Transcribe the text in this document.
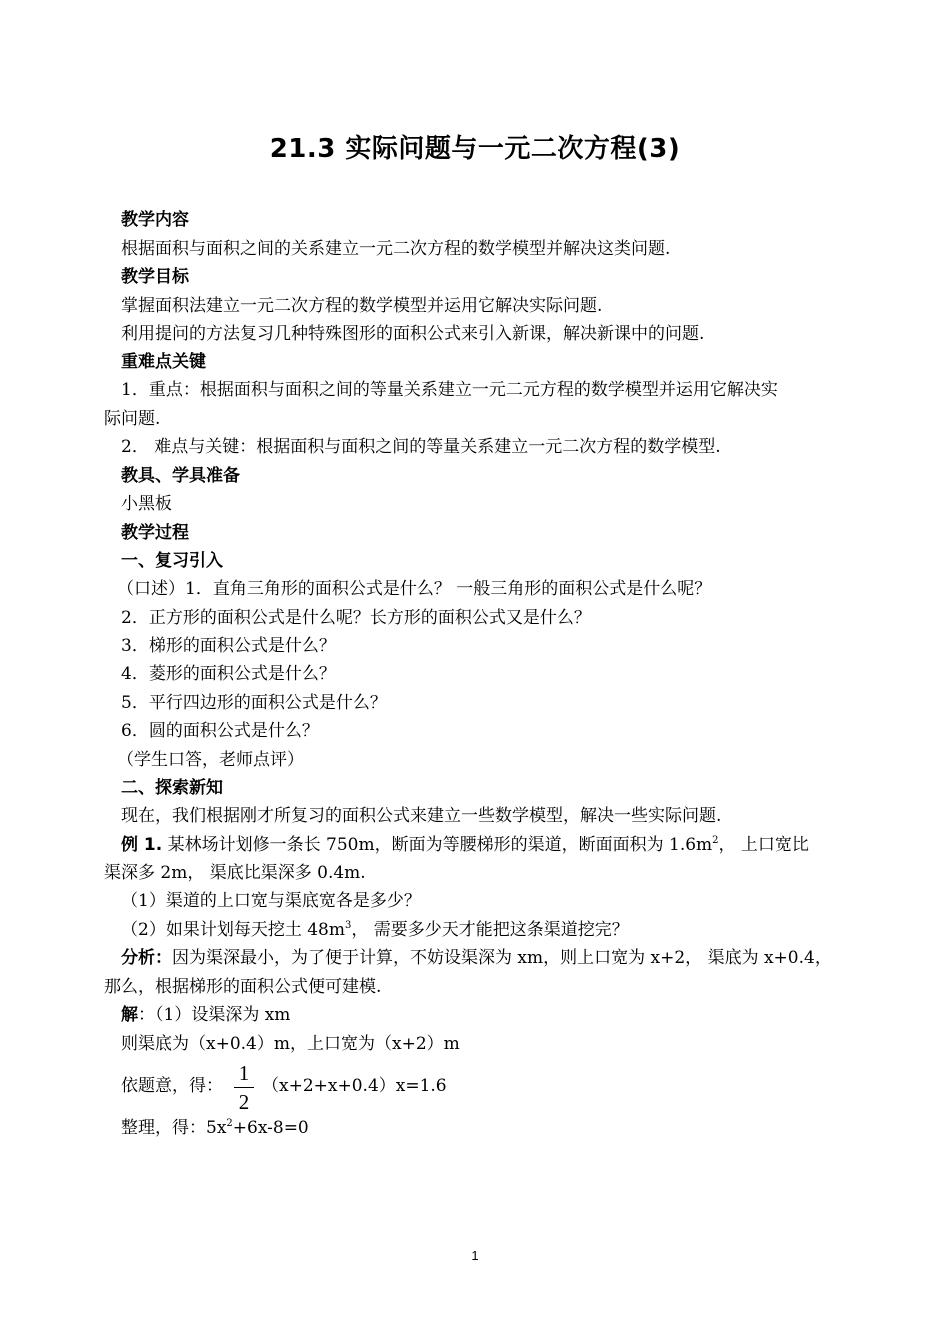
21.3 实际问题与一元二次方程(3)
教学内容
根据面积与面积之间的关系建立一元二次方程的数学模型并解决这类问题.
教学目标
掌握面积法建立一元二次方程的数学模型并运用它解决实际问题.
利用提问的方法复习几种特殊图形的面积公式来引入新课，解决新课中的问题.
重难点关键
1．重点：根据面积与面积之间的等量关系建立一元二元方程的数学模型并运用它解决实
际问题.
2． 难点与关键：根据面积与面积之间的等量关系建立一元二次方程的数学模型.
教具、学具准备
小黑板
教学过程
一、复习引入
（口述）1．直角三角形的面积公式是什么？ 一般三角形的面积公式是什么呢？
2．正方形的面积公式是什么呢？长方形的面积公式又是什么？
3．梯形的面积公式是什么？
4．菱形的面积公式是什么？
5．平行四边形的面积公式是什么？
6．圆的面积公式是什么？
（学生口答，老师点评）
二、探索新知
现在，我们根据刚才所复习的面积公式来建立一些数学模型，解决一些实际问题.
例 1. 某林场计划修一条长 750m，断面为等腰梯形的渠道，断面面积为 $1.6m^2$， 上口宽比
渠深多 2m， 渠底比渠深多 0.4m.
（1）渠道的上口宽与渠底宽各是多少？
（2）如果计划每天挖土 $48m^3$， 需要多少天才能把这条渠道挖完？
分析：因为渠深最小，为了便于计算，不妨设渠深为 xm，则上口宽为 x+2， 渠底为 x+0.4，
那么，根据梯形的面积公式便可建模.
解：（1）设渠深为 xm
则渠底为（x+0.4）m，上口宽为（x+2）m
依题意，得：
1
2
（x+2+x+0.4）x=1.6
整理，得：$5x^2+6x-8=0$
1
